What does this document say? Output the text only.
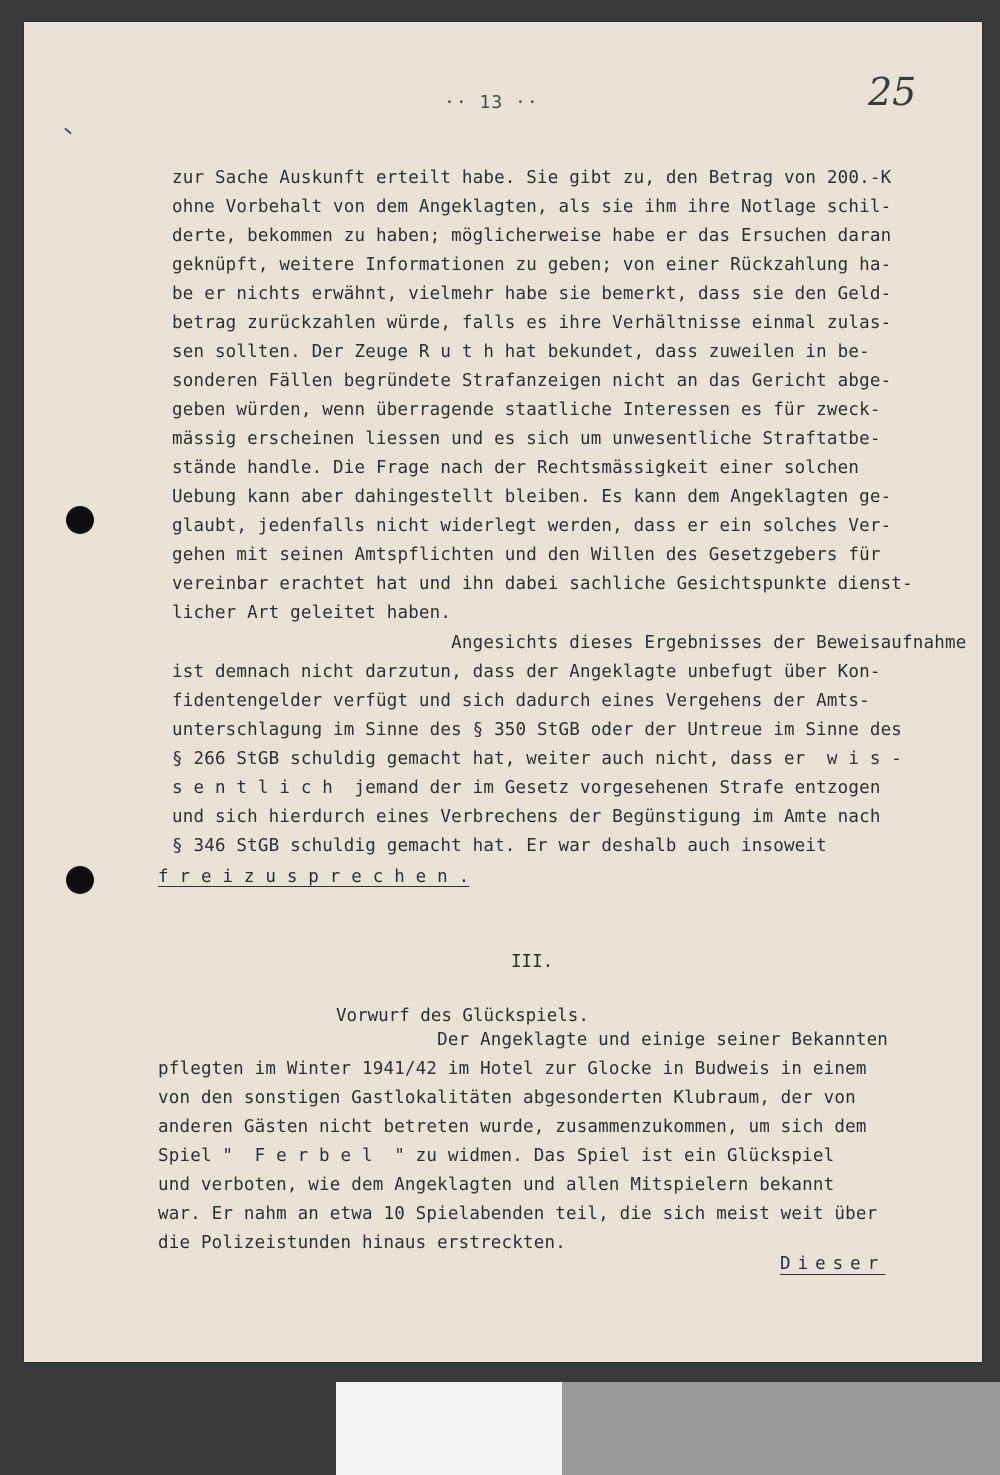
·· 13 ··	25
zur Sache Auskunft erteilt habe. Sie gibt zu, den Betrag von 200.-K
ohne Vorbehalt von dem Angeklagten, als sie ihm ihre Notlage schil-
derte, bekommen zu haben; möglicherweise habe er das Ersuchen daran
geknüpft, weitere Informationen zu geben; von einer Rückzahlung ha-
be er nichts erwähnt, vielmehr habe sie bemerkt, dass sie den Geld-
betrag zurückzahlen würde, falls es ihre Verhältnisse einmal zulas-
sen sollten. Der Zeuge R u t h hat bekundet, dass zuweilen in be-
sonderen Fällen begründete Strafanzeigen nicht an das Gericht abge-
geben würden, wenn überragende staatliche Interessen es für zweck-
mässig erscheinen liessen und es sich um unwesentliche Straftatbe-
stände handle. Die Frage nach der Rechtsmässigkeit einer solchen
Uebung kann aber dahingestellt bleiben. Es kann dem Angeklagten ge-
glaubt, jedenfalls nicht widerlegt werden, dass er ein solches Ver-
gehen mit seinen Amtspflichten und den Willen des Gesetzgebers für
vereinbar erachtet hat und ihn dabei sachliche Gesichtspunkte dienst-
licher Art geleitet haben.
Angesichts dieses Ergebnisses der Beweisaufnahme
ist demnach nicht darzutun, dass der Angeklagte unbefugt über Kon-
fidentengelder verfügt und sich dadurch eines Vergehens der Amts-
unterschlagung im Sinne des § 350 StGB oder der Untreue im Sinne des
§ 266 StGB schuldig gemacht hat, weiter auch nicht, dass er  w i s -
s e n t l i c h  jemand der im Gesetz vorgesehenen Strafe entzogen
und sich hierdurch eines Verbrechens der Begünstigung im Amte nach
§ 346 StGB schuldig gemacht hat. Er war deshalb auch insoweit
f r e i z u s p r e c h e n .
III.
Vorwurf des Glückspiels.
Der Angeklagte und einige seiner Bekannten
pflegten im Winter 1941/42 im Hotel zur Glocke in Budweis in einem
von den sonstigen Gastlokalitäten abgesonderten Klubraum, der von
anderen Gästen nicht betreten wurde, zusammenzukommen, um sich dem
Spiel "  F e r b e l  " zu widmen. Das Spiel ist ein Glückspiel
und verboten, wie dem Angeklagten und allen Mitspielern bekannt
war. Er nahm an etwa 10 Spielabenden teil, die sich meist weit über
die Polizeistunden hinaus erstreckten.
Dieser
